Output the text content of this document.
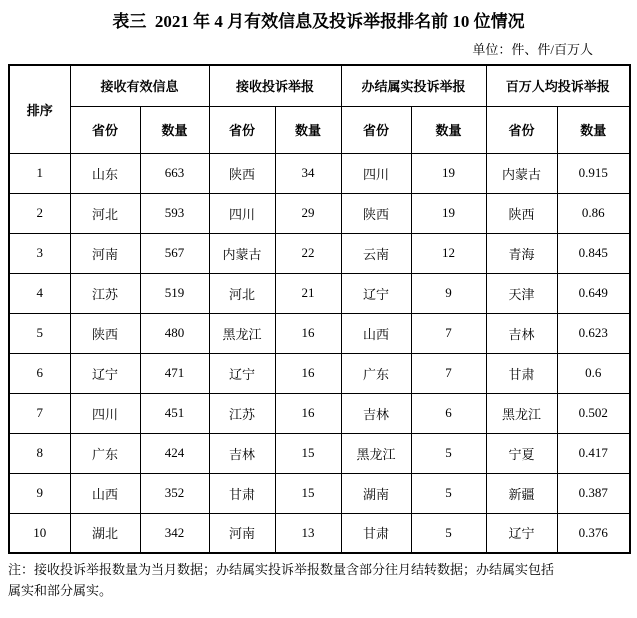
表三  2021 年 4 月有效信息及投诉举报排名前 10 位情况
单位：件、件/百万人
排序	接收有效信息		接收投诉举报		办结属实投诉举报		百万人均投诉举报	
	省份	数量	省份	数量	省份	数量	省份	数量
1	山东	663	陕西	34	四川	19	内蒙古	0.915
2	河北	593	四川	29	陕西	19	陕西	0.86
3	河南	567	内蒙古	22	云南	12	青海	0.845
4	江苏	519	河北	21	辽宁	9	天津	0.649
5	陕西	480	黑龙江	16	山西	7	吉林	0.623
6	辽宁	471	辽宁	16	广东	7	甘肃	0.6
7	四川	451	江苏	16	吉林	6	黑龙江	0.502
8	广东	424	吉林	15	黑龙江	5	宁夏	0.417
9	山西	352	甘肃	15	湖南	5	新疆	0.387
10	湖北	342	河南	13	甘肃	5	辽宁	0.376
注：接收投诉举报数量为当月数据；办结属实投诉举报数量含部分往月结转数据；办结属实包括
属实和部分属实。
